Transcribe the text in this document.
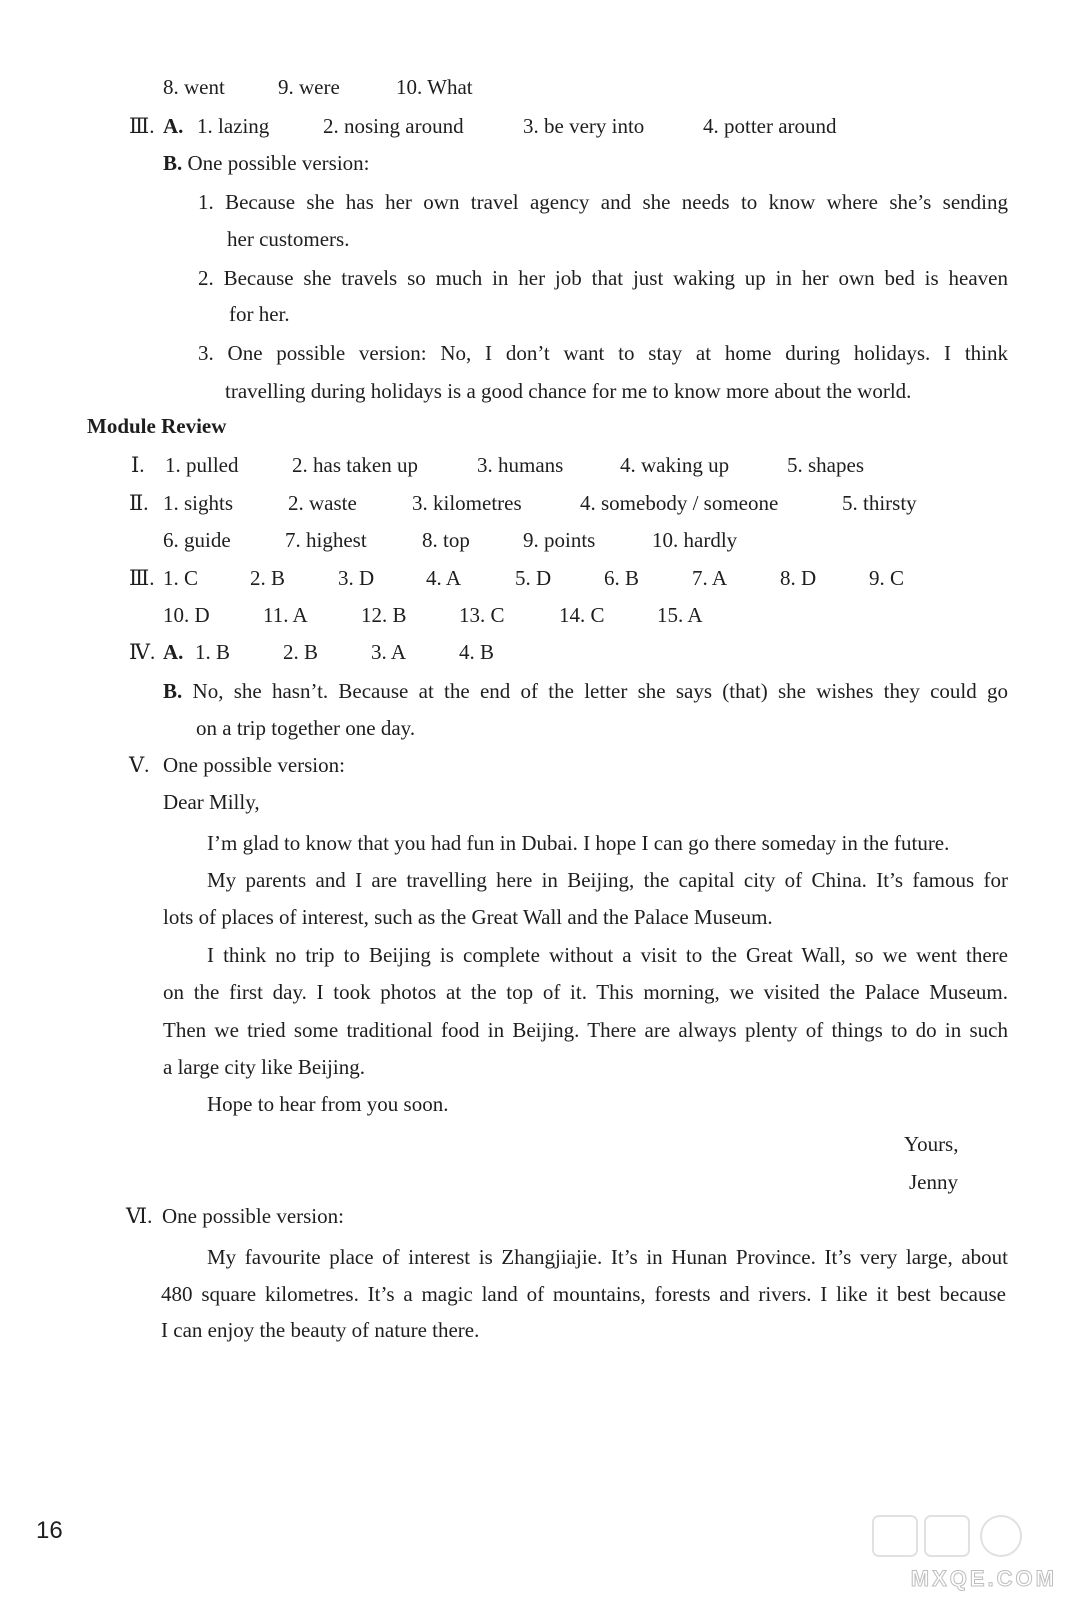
8. went	9. were	10. What
Ⅲ. A. 1. lazing	2. nosing around	3. be very into	4. potter around
B. One possible version:
1. Because she has her own travel agency and she needs to know where she’s sending
her customers.
2. Because she travels so much in her job that just waking up in her own bed is heaven
for her.
3. One possible version: No, I don’t want to stay at home during holidays. I think
travelling during holidays is a good chance for me to know more about the world.
Module Review
Ⅰ. 1. pulled	2. has taken up	3. humans	4. waking up	5. shapes
Ⅱ. 1. sights	2. waste	3. kilometres	4. somebody / someone	5. thirsty
6. guide	7. highest	8. top	9. points	10. hardly
Ⅲ. 1. C 2. B	3. D 4. A	5. D	6. B	7. A	8. D	9. C
10. D	11. A	12. B 13. C	14. C 15. A
Ⅳ. A. 1. B	2. B	3. A	4. B
B. No, she hasn’t. Because at the end of the letter she says (that) she wishes they could go
on a trip together one day.
Ⅴ. One possible version:
Dear Milly,
I’m glad to know that you had fun in Dubai. I hope I can go there someday in the future.
My parents and I are travelling here in Beijing, the capital city of China. It’s famous for
lots of places of interest, such as the Great Wall and the Palace Museum.
I think no trip to Beijing is complete without a visit to the Great Wall, so we went there
on the first day. I took photos at the top of it. This morning, we visited the Palace Museum.
Then we tried some traditional food in Beijing. There are always plenty of things to do in such
a large city like Beijing.
Hope to hear from you soon.
Yours,
Jenny
Ⅵ. One possible version:
My favourite place of interest is Zhangjiajie. It’s in Hunan Province. It’s very large, about
480 square kilometres. It’s a magic land of mountains, forests and rivers. I like it best because
I can enjoy the beauty of nature there.
16
MXQE.COM
